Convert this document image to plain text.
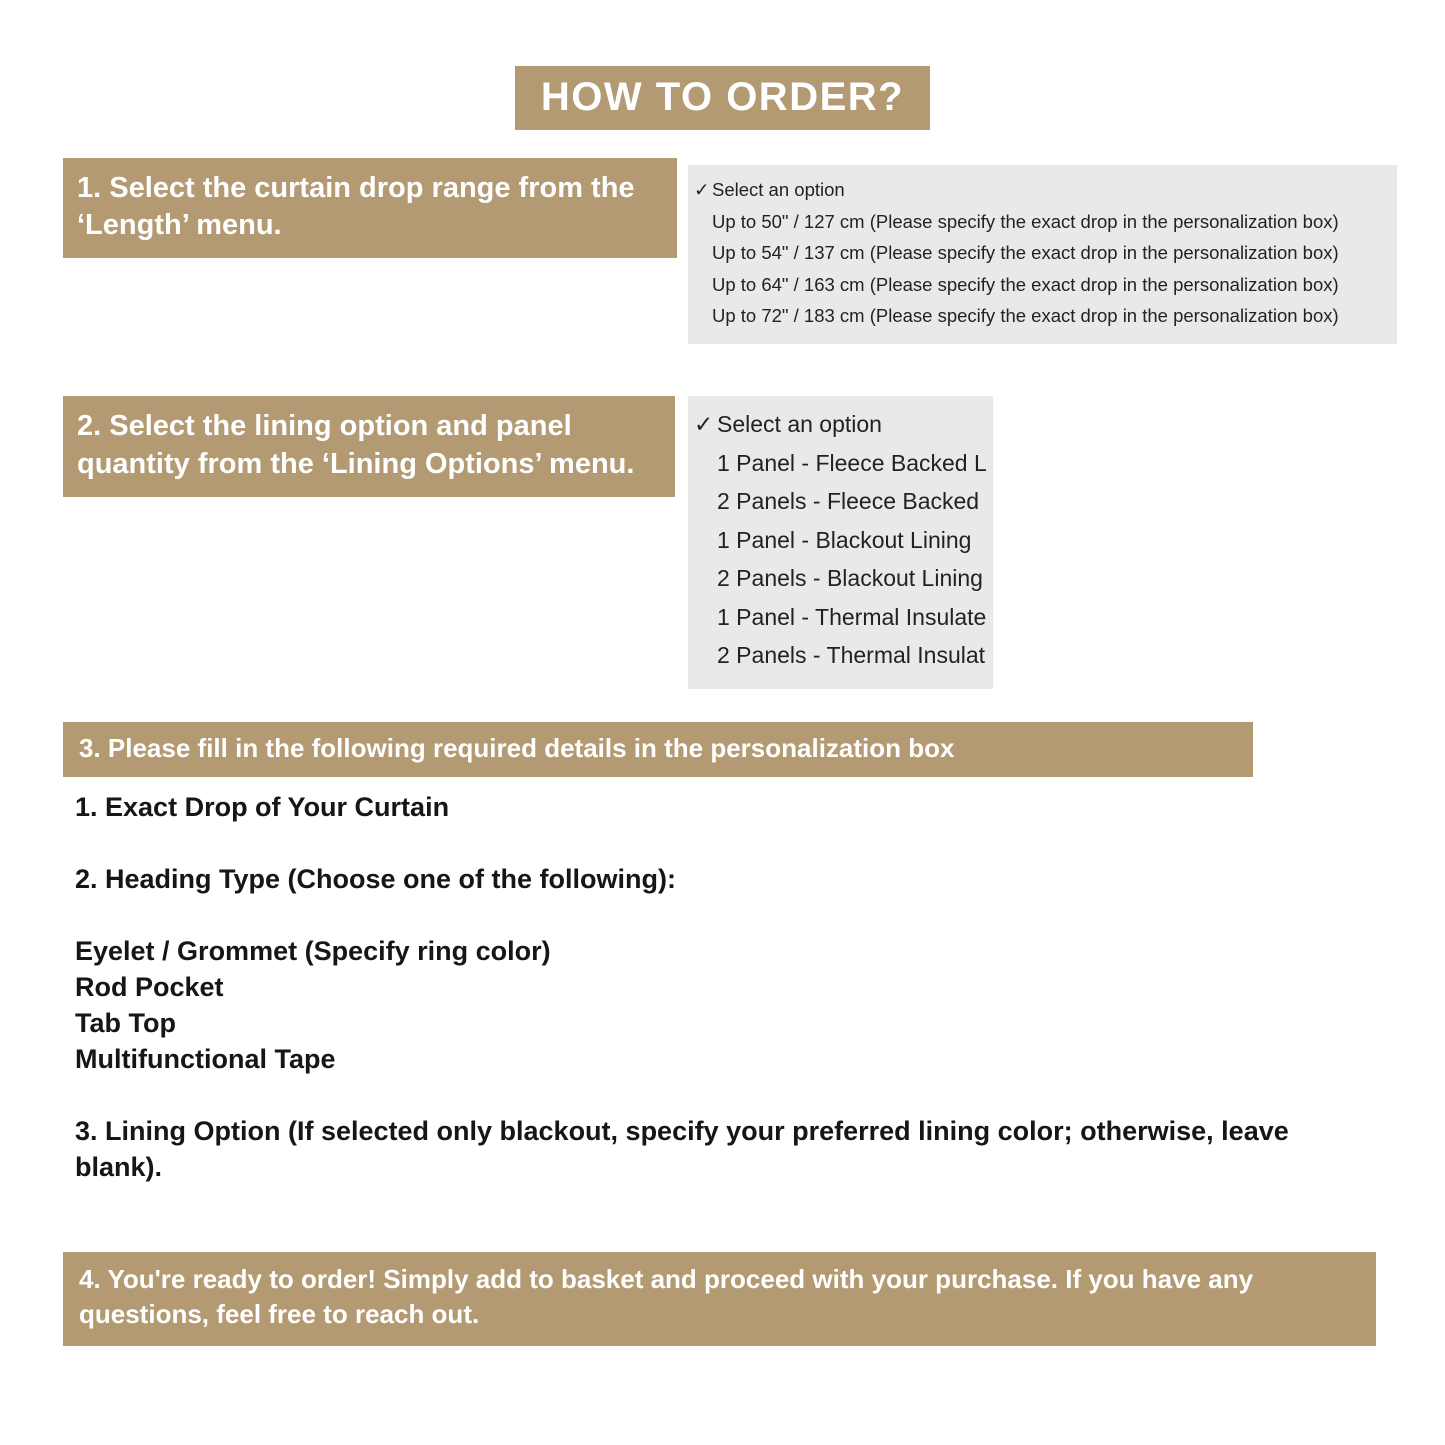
HOW TO ORDER?
1. Select the curtain drop range from the ‘Length’ menu.
✓ Select an option
Up to 50" / 127 cm (Please specify the exact drop in the personalization box)
Up to 54" / 137 cm (Please specify the exact drop in the personalization box)
Up to 64" / 163 cm (Please specify the exact drop in the personalization box)
Up to 72" / 183 cm (Please specify the exact drop in the personalization box)
2. Select the lining option and panel quantity from the ‘Lining Options’ menu.
✓ Select an option
1 Panel - Fleece Backed L
2 Panels - Fleece Backed
1 Panel - Blackout Lining
2 Panels - Blackout Lining
1 Panel - Thermal Insulate
2 Panels - Thermal Insulat
3. Please fill in the following required details in the personalization box
1. Exact Drop of Your Curtain
2. Heading Type (Choose one of the following):
Eyelet / Grommet (Specify ring color)
Rod Pocket
Tab Top
Multifunctional Tape
3. Lining Option (If selected only blackout, specify your preferred lining color; otherwise, leave blank).
4. You're ready to order! Simply add to basket and proceed with your purchase. If you have any questions, feel free to reach out.
